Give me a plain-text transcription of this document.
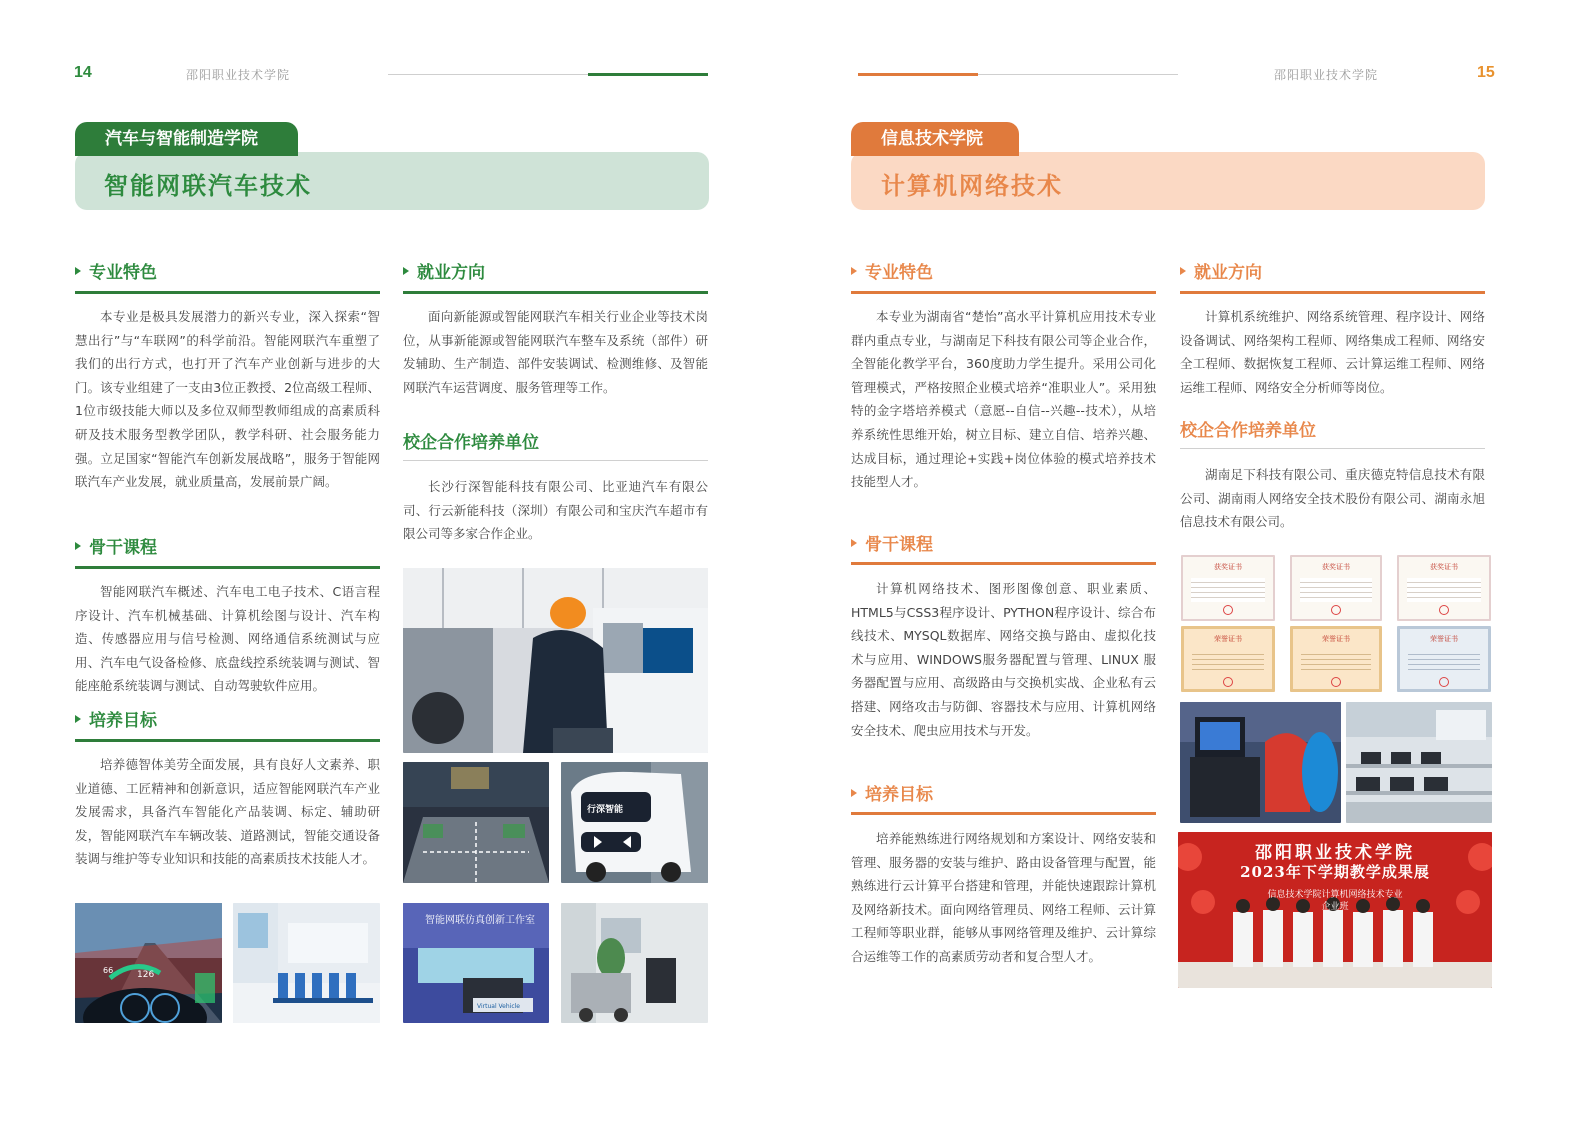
14	邵阳职业技术学院
汽车与智能制造学院
智能网联汽车技术
专业特色
本专业是极具发展潜力的新兴专业，深入探索“智慧出行”与“车联网”的科学前沿。智能网联汽车重塑了我们的出行方式，也打开了汽车产业创新与进步的大门。该专业组建了一支由3位正教授、2位高级工程师、1位市级技能大师以及多位双师型教师组成的高素质科研及技术服务型教学团队，教学科研、社会服务能力强。立足国家“智能汽车创新发展战略”，服务于智能网联汽车产业发展，就业质量高，发展前景广阔。
骨干课程
智能网联汽车概述、汽车电工电子技术、C语言程序设计、汽车机械基础、计算机绘图与设计、汽车构造、传感器应用与信号检测、网络通信系统测试与应用、汽车电气设备检修、底盘线控系统装调与测试、智能座舱系统装调与测试、自动驾驶软件应用。
培养目标
培养德智体美劳全面发展，具有良好人文素养、职业道德、工匠精神和创新意识，适应智能网联汽车产业发展需求，具备汽车智能化产品装调、标定、辅助研发，智能网联汽车车辆改装、道路测试，智能交通设备装调与维护等专业知识和技能的高素质技术技能人才。
就业方向
面向新能源或智能网联汽车相关行业企业等技术岗位，从事新能源或智能网联汽车整车及系统（部件）研发辅助、生产制造、部件安装调试、检测维修、及智能网联汽车运营调度、服务管理等工作。
校企合作培养单位
长沙行深智能科技有限公司、比亚迪汽车有限公司、行云新能科技（深圳）有限公司和宝庆汽车超市有限公司等多家合作企业。
126
66
行深智能
智能网联仿真创新工作室
Virtual Vehicle
邵阳职业技术学院	15
信息技术学院
计算机网络技术
专业特色
本专业为湖南省“楚怡”高水平计算机应用技术专业群内重点专业，与湖南足下科技有限公司等企业合作，全智能化教学平台，360度助力学生提升。采用公司化管理模式，严格按照企业模式培养“准职业人”。采用独特的金字塔培养模式（意愿--自信--兴趣--技术），从培养系统性思维开始，树立目标、建立自信、培养兴趣、达成目标，通过理论+实践+岗位体验的模式培养技术技能型人才。
骨干课程
计算机网络技术、图形图像创意、职业素质、HTML5与CSS3程序设计、PYTHON程序设计、综合布线技术、MYSQL数据库、网络交换与路由、虚拟化技术与应用、WINDOWS服务器配置与管理、LINUX 服务器配置与应用、高级路由与交换机实战、企业私有云搭建、网络攻击与防御、容器技术与应用、计算机网络安全技术、爬虫应用技术与开发。
培养目标
培养能熟练进行网络规划和方案设计、网络安装和管理、服务器的安装与维护、路由设备管理与配置，能熟练进行云计算平台搭建和管理，并能快速跟踪计算机及网络新技术。面向网络管理员、网络工程师、云计算工程师等职业群，能够从事网络管理及维护、云计算综合运维等工作的高素质劳动者和复合型人才。
就业方向
计算机系统维护、网络系统管理、程序设计、网络设备调试、网络架构工程师、网络集成工程师、网络安全工程师、数据恢复工程师、云计算运维工程师、网络运维工程师、网络安全分析师等岗位。
校企合作培养单位
湖南足下科技有限公司、重庆德克特信息技术有限公司、湖南雨人网络安全技术股份有限公司、湖南永旭信息技术有限公司。
获奖证书	获奖证书	获奖证书
荣誉证书	荣誉证书	荣誉证书
邵阳职业技术学院
2023年下学期教学成果展
信息技术学院计算机网络技术专业
企业班
